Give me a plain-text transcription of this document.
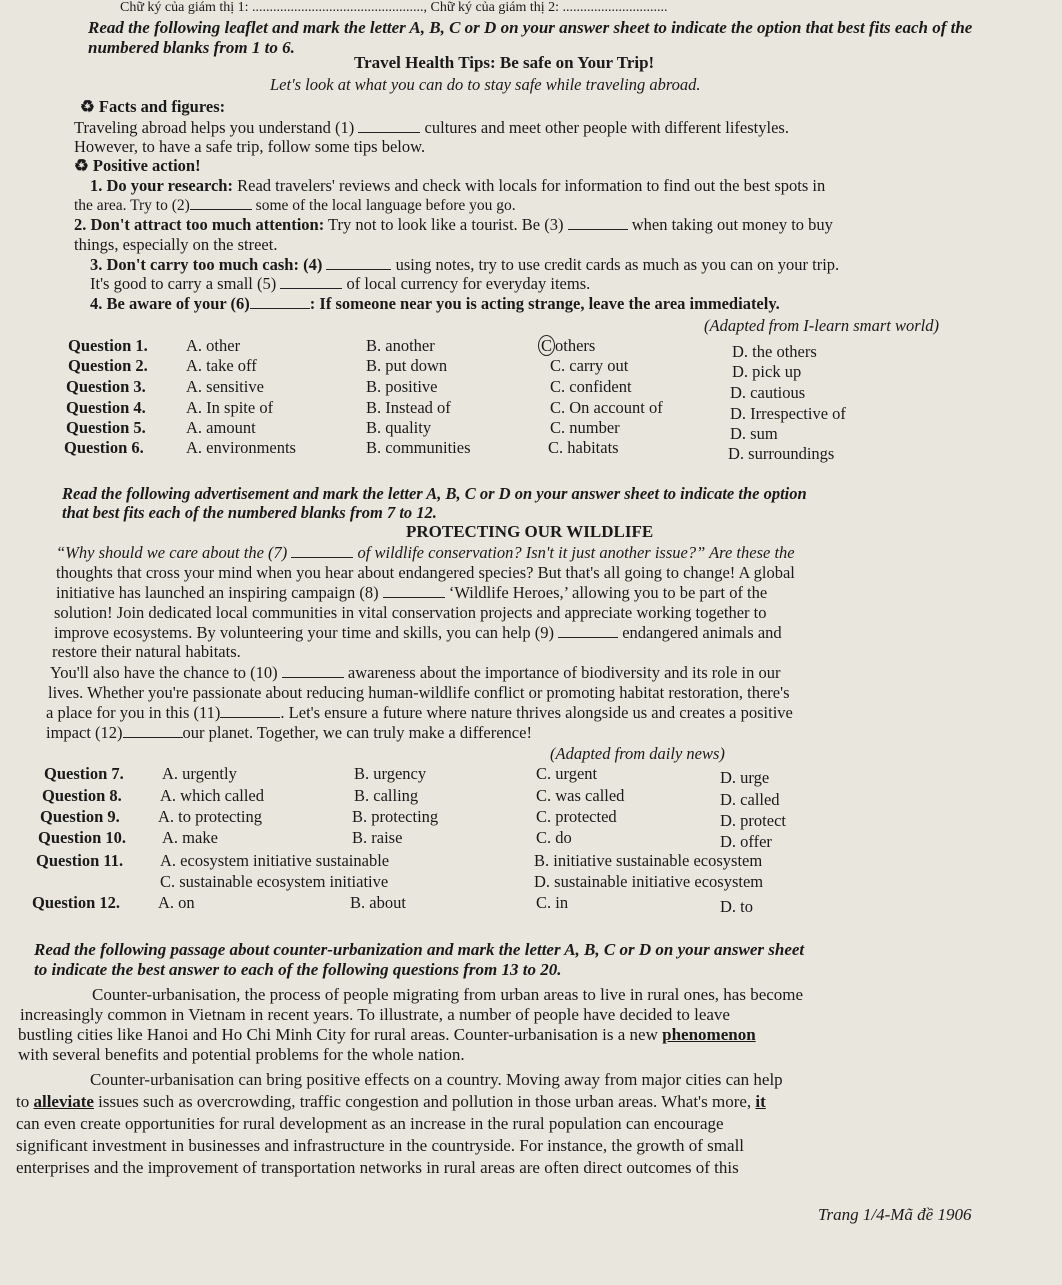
Chữ ký của giám thị 1: ................................................., Chữ ký của giám thị 2: ..............................
Read the following leaflet and mark the letter A, B, C or D on your answer sheet to indicate the option that best fits each of the numbered blanks from 1 to 6.
Travel Health Tips: Be safe on Your Trip!
Let's look at what you can do to stay safe while traveling abroad.
♻ Facts and figures:
Traveling abroad helps you understand (1)	cultures and meet other people with different lifestyles.
However, to have a safe trip, follow some tips below.
♻ Positive action!
1. Do your research: Read travelers' reviews and check with locals for information to find out the best spots in
the area. Try to (2)	some of the local language before you go.
2. Don't attract too much attention: Try not to look like a tourist. Be (3)	when taking out money to buy
things, especially on the street.
3. Don't carry too much cash: (4)	using notes, try to use credit cards as much as you can on your trip.
It's good to carry a small (5)	of local currency for everyday items.
4. Be aware of your (6)	: If someone near you is acting strange, leave the area immediately.
(Adapted from I-learn smart world)
Question 1. A. other	B. another	C others	D. the others
Question 2. A. take off	B. put down	C. carry out	D. pick up
Question 3. A. sensitive	B. positive	C. confident	D. cautious
Question 4. A. In spite of	B. Instead of	C. On account of	D. Irrespective of
Question 5. A. amount	B. quality	C. number	D. sum
Question 6.	A. environments	B. communities	C. habitats	D. surroundings
Read the following advertisement and mark the letter A, B, C or D on your answer sheet to indicate the option
that best fits each of the numbered blanks from 7 to 12.
PROTECTING OUR WILDLIFE
“Why should we care about the (7)	of wildlife conservation? Isn't it just another issue?” Are these the
thoughts that cross your mind when you hear about endangered species? But that's all going to change! A global
initiative has launched an inspiring campaign (8)	‘Wildlife Heroes,’ allowing you to be part of the
solution! Join dedicated local communities in vital conservation projects and appreciate working together to
improve ecosystems. By volunteering your time and skills, you can help (9)	endangered animals and
restore their natural habitats.
You'll also have the chance to (10)	awareness about the importance of biodiversity and its role in our
lives. Whether you're passionate about reducing human-wildlife conflict or promoting habitat restoration, there's
a place for you in this (11)	. Let's ensure a future where nature thrives alongside us and creates a positive
impact (12)	our planet. Together, we can truly make a difference!
(Adapted from daily news)
Question 7. A. urgently	B. urgency	C. urgent	D. urge
Question 8. A. which called	B. calling	C. was called	D. called
Question 9. A. to protecting	B. protecting	C. protected	D. protect
Question 10. A. make	B. raise	C. do	D. offer
Question 11. A. ecosystem initiative sustainable	B. initiative sustainable ecosystem
C. sustainable ecosystem initiative	D. sustainable initiative ecosystem
Question 12. A. on	B. about	C. in	D. to
Read the following passage about counter-urbanization and mark the letter A, B, C or D on your answer sheet
to indicate the best answer to each of the following questions from 13 to 20.
Counter-urbanisation, the process of people migrating from urban areas to live in rural ones, has become
increasingly common in Vietnam in recent years. To illustrate, a number of people have decided to leave
bustling cities like Hanoi and Ho Chi Minh City for rural areas. Counter-urbanisation is a new phenomenon
with several benefits and potential problems for the whole nation.
Counter-urbanisation can bring positive effects on a country. Moving away from major cities can help
to alleviate issues such as overcrowding, traffic congestion and pollution in those urban areas. What's more, it
can even create opportunities for rural development as an increase in the rural population can encourage
significant investment in businesses and infrastructure in the countryside. For instance, the growth of small
enterprises and the improvement of transportation networks in rural areas are often direct outcomes of this
Trang 1/4-Mã đề 1906
